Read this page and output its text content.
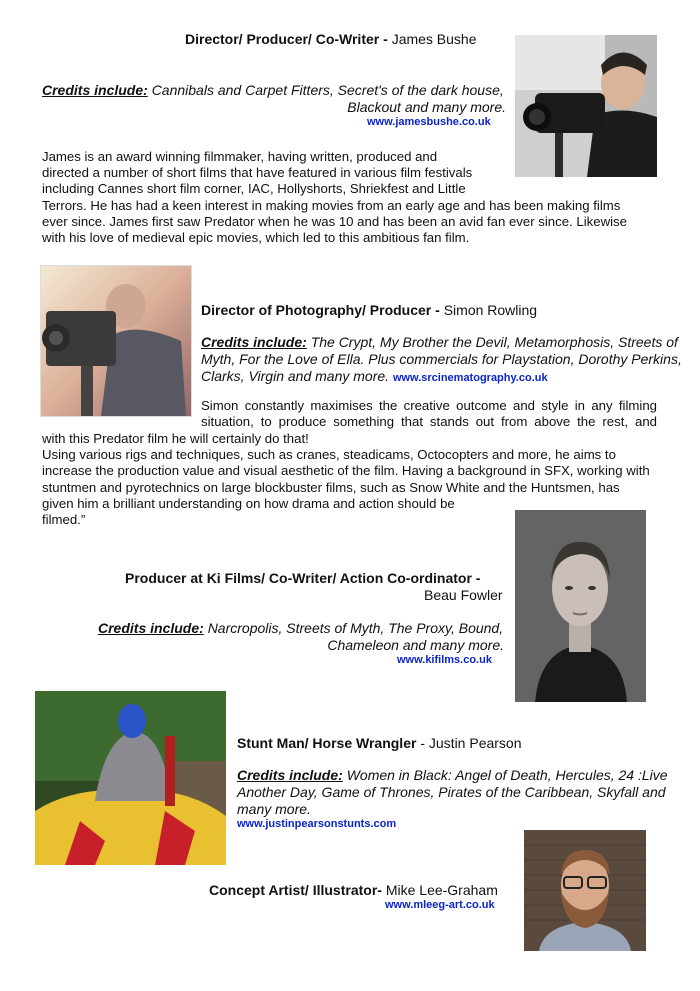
Director/ Producer/ Co-Writer - James Bushe
Credits include: Cannibals and Carpet Fitters, Secret's of the dark house,
Blackout and many more.
www.jamesbushe.co.uk
James is an award winning filmmaker, having written, produced and
directed a number of short films that have featured in various film festivals
including Cannes short film corner, IAC, Hollyshorts, Shriekfest and Little
Terrors. He has had a keen interest in making movies from an early age and has been making films
ever since. James first saw Predator when he was 10 and has been an avid fan ever since. Likewise
with his love of medieval epic movies, which led to this ambitious fan film.
Director of Photography/ Producer - Simon Rowling
Credits include: The Crypt, My Brother the Devil, Metamorphosis, Streets of
Myth, For the Love of Ella. Plus commercials for Playstation, Dorothy Perkins,
Clarks, Virgin and many more. www.srcinematography.co.uk
Simon constantly maximises the creative outcome and style in any filming
situation, to produce something that stands out from above the rest, and
with this Predator film he will certainly do that!
Using various rigs and techniques, such as cranes, steadicams, Octocopters and more, he aims to
increase the production value and visual aesthetic of the film. Having a background in SFX, working with
stuntmen and pyrotechnics on large blockbuster films, such as Snow White and the Huntsmen, has
given him a brilliant understanding on how drama and action should be
filmed.”
Producer at Ki Films/ Co-Writer/ Action Co-ordinator -
Beau Fowler
Credits include: Narcropolis, Streets of Myth, The Proxy, Bound,
Chameleon and many more.
www.kifilms.co.uk
Stunt Man/ Horse Wrangler - Justin Pearson
Credits include: Women in Black: Angel of Death, Hercules, 24 :Live
Another Day, Game of Thrones, Pirates of the Caribbean, Skyfall and
many more.
www.justinpearsonstunts.com
Concept Artist/ Illustrator- Mike Lee-Graham
www.mleeg-art.co.uk
